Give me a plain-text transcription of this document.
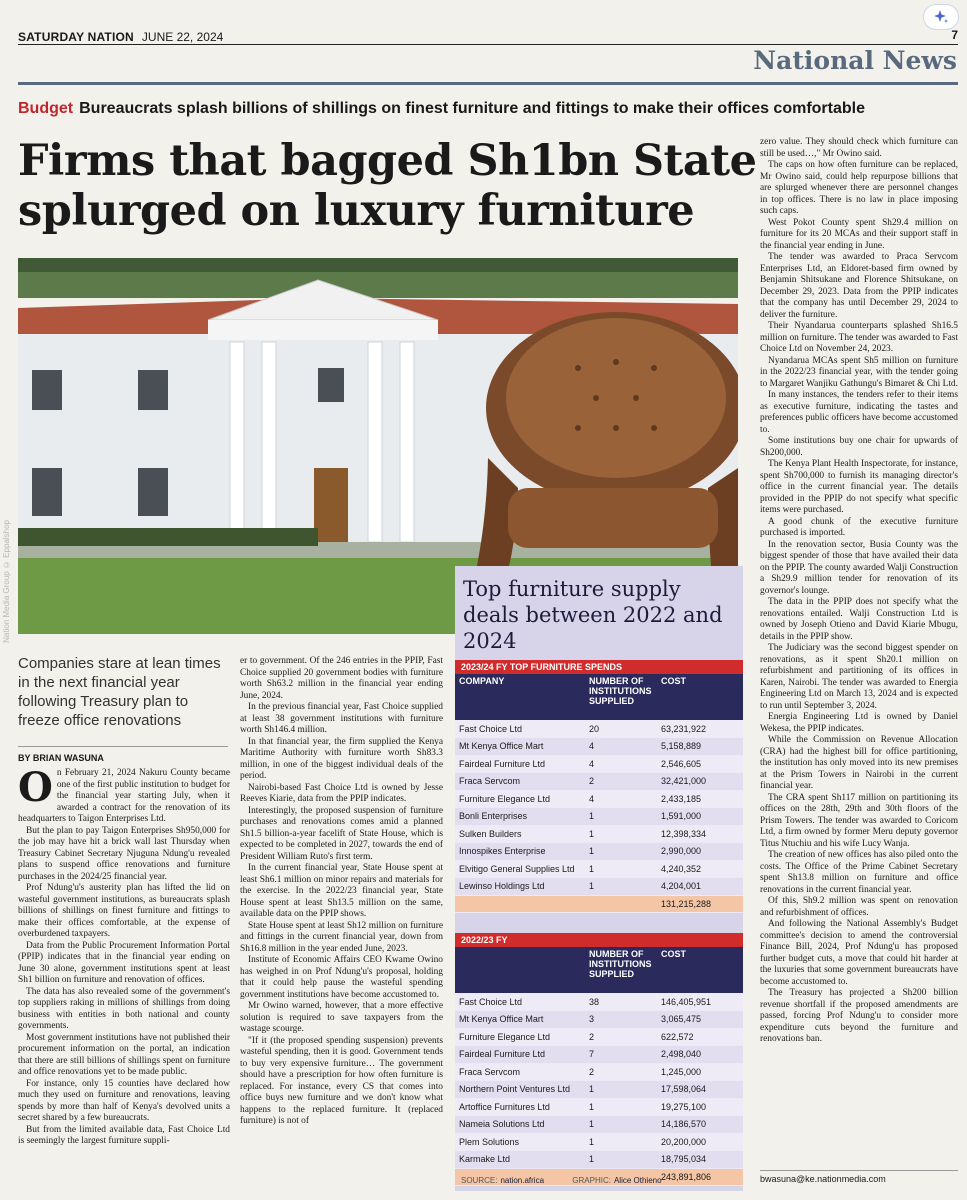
SATURDAY NATION JUNE 22, 2024	7
National News
Budget Bureaucrats splash billions of shillings on finest furniture and fittings to make their offices comfortable
Firms that bagged Sh1bn State splurged on luxury furniture
Nation Media Group © Eppalshop
Companies stare at lean times in the next financial year following Treasury plan to freeze office renovations
BY BRIAN WASUNA
O n February 21, 2024 Nakuru County became one of the first public institution to budget for the financial year starting July, when it awarded a contract for the renovation of its headquarters to Taigon Enterprises Ltd.

But the plan to pay Taigon Enterprises Sh950,000 for the job may have hit a brick wall last Thursday when Treasury Cabinet Secretary Njuguna Ndung'u revealed plans to suspend office renovations and furniture purchases in the 2024/25 financial year.

Prof Ndung'u's austerity plan has lifted the lid on wasteful government institutions, as bureaucrats splash billions of shillings on finest furniture and fittings to make their offices comfortable, at the expense of overburdened taxpayers.

Data from the Public Procurement Information Portal (PPIP) indicates that in the financial year ending on June 30 alone, government institutions spent at least Sh1 billion on furniture and renovation of offices.

The data has also revealed some of the government's top suppliers raking in millions of shillings from doing business with entities in both national and county governments.

Most government institutions have not published their procurement information on the portal, an indication that there are still billions of shillings spent on furniture and office renovations yet to be made public.

For instance, only 15 counties have declared how much they used on furniture and renovations, leaving spends by more than half of Kenya's devolved units a secret shared by a few bureaucrats.

But from the limited available data, Fast Choice Ltd is seemingly the largest furniture suppli-

er to government. Of the 246 entries in the PPIP, Fast Choice supplied 20 government bodies with furniture worth Sh63.2 million in the financial year ending June, 2024.

In the previous financial year, Fast Choice supplied at least 38 government institutions with furniture worth Sh146.4 million.

In that financial year, the firm supplied the Kenya Maritime Authority with furniture worth Sh83.3 million, in one of the biggest individual deals of the period.

Nairobi-based Fast Choice Ltd is owned by Jesse Reeves Kiarie, data from the PPIP indicates.

Interestingly, the proposed suspension of furniture purchases and renovations comes amid a planned Sh1.5 billion-a-year facelift of State House, which is expected to be completed in 2027, towards the end of President William Ruto's first term.

In the current financial year, State House spent at least Sh6.1 million on minor repairs and materials for the exercise. In the 2022/23 financial year, State House spent at least Sh13.5 million on the same, available data on the PPIP shows.

State House spent at least Sh12 million on furniture and fittings in the current financial year, down from Sh16.8 million in the year ended June, 2023.

Institute of Economic Affairs CEO Kwame Owino has weighed in on Prof Ndung'u's proposal, holding that it could help pause the wasteful spending government institutions have become accustomed to.

Mr Owino warned, however, that a more effective solution is required to save taxpayers from the wastage scourge.

"If it (the proposed spending suspension) prevents wasteful spending, then it is good. Government tends to buy very expensive furniture… The government should have a prescription for how often furniture is replaced. For instance, every CS that comes into office buys new furniture and we don't know what happens to the replaced furniture. It (replaced furniture) is not of

zero value. They should check which furniture can still be used…," Mr Owino said.

The caps on how often furniture can be replaced, Mr Owino said, could help repurpose billions that are splurged whenever there are personnel changes in top offices. There is no law in place imposing such caps.

West Pokot County spent Sh29.4 million on furniture for its 20 MCAs and their support staff in the financial year ending in June.

The tender was awarded to Praca Servcom Enterprises Ltd, an Eldoret-based firm owned by Benjamin Shitsukane and Florence Shitsukane, on December 29, 2023. Data from the PPIP indicates that the company has until December 29, 2024 to deliver the furniture.

Their Nyandarua counterparts splashed Sh16.5 million on furniture. The tender was awarded to Fast Choice Ltd on November 24, 2023.

Nyandarua MCAs spent Sh5 million on furniture in the 2022/23 financial year, with the tender going to Margaret Wanjiku Gathungu's Bimaret & Chi Ltd.

In many instances, the tenders refer to their items as executive furniture, indicating the tastes and preferences public officers have become accustomed to.

Some institutions buy one chair for upwards of Sh200,000.

The Kenya Plant Health Inspectorate, for instance, spent Sh700,000 to furnish its managing director's office in the current financial year. The details provided in the PPIP do not specify what specific items were purchased.

A good chunk of the executive furniture purchased is imported.

In the renovation sector, Busia County was the biggest spender of those that have availed their data on the PPIP. The county awarded Walji Construction a Sh29.9 million tender for renovation of its governor's lounge.

The data in the PPIP does not specify what the renovations entailed. Walji Construction Ltd is owned by Joseph Otieno and David Kiarie Mbugu, details in the PPIP show.

The Judiciary was the second biggest spender on renovations, as it spent Sh20.1 million on refurbishment and partitioning of its offices in Karen, Nairobi. The tender was awarded to Energia Engineering Ltd on March 13, 2024 and is expected to run until September 3, 2024.

Energia Engineering Ltd is owned by Daniel Wekesa, the PPIP indicates.

While the Commission on Revenue Allocation (CRA) had the highest bill for office partitioning, the institution has only moved into its new premises at the Prism Towers in Nairobi in the current financial year.

The CRA spent Sh117 million on partitioning its offices on the 28th, 29th and 30th floors of the Prism Towers. The tender was awarded to Coricom Ltd, a firm owned by former Meru deputy governor Titus Ntuchiu and his wife Lucy Wanja.

The creation of new offices has also piled onto the costs. The Office of the Prime Cabinet Secretary spent Sh13.8 million on furniture and office renovations in the current financial year.

Of this, Sh9.2 million was spent on renovation and refurbishment of offices.

And following the National Assembly's Budget committee's decision to amend the controversial Finance Bill, 2024, Prof Ndung'u has proposed further budget cuts, a move that could hit harder at the luxuries that some government bureaucrats have become accustomed to.

The Treasury has projected a Sh200 billion revenue shortfall if the proposed amendments are passed, forcing Prof Ndung'u to consider more expenditure cuts beyond the furniture and renovations ban.

Top furniture supply deals between 2022 and 2024
2023/24 FY TOP FURNITURE SPENDS
COMPANY	NUMBER OF INSTITUTIONS SUPPLIED	COST
Fast Choice Ltd	20	63,231,922
Mt Kenya Office Mart	4	5,158,889
Fairdeal Furniture Ltd	4	2,546,605
Fraca Servcom	2	32,421,000
Furniture Elegance Ltd	4	2,433,185
Bonli Enterprises	1	1,591,000
Sulken Builders	1	12,398,334
Innospikes Enterprise	1	2,990,000
Elvitigo General Supplies Ltd	1	4,240,352
Lewinso Holdings Ltd	1	4,204,001
		131,215,288
2022/23 FY
	NUMBER OF INSTITUTIONS SUPPLIED	COST
Fast Choice Ltd	38	146,405,951
Mt Kenya Office Mart	3	3,065,475
Furniture Elegance Ltd	2	622,572
Fairdeal Furniture Ltd	7	2,498,040
Fraca Servcom	2	1,245,000
Northern Point Ventures Ltd	1	17,598,064
Artoffice Furnitures Ltd	1	19,275,100
Nameia Solutions Ltd	1	14,186,570
Plem Solutions	1	20,200,000
Karmake Ltd	1	18,795,034
		243,891,806
SOURCE: nation.africa	GRAPHIC: Alice Othieno	bwasuna@ke.nationmedia.com
